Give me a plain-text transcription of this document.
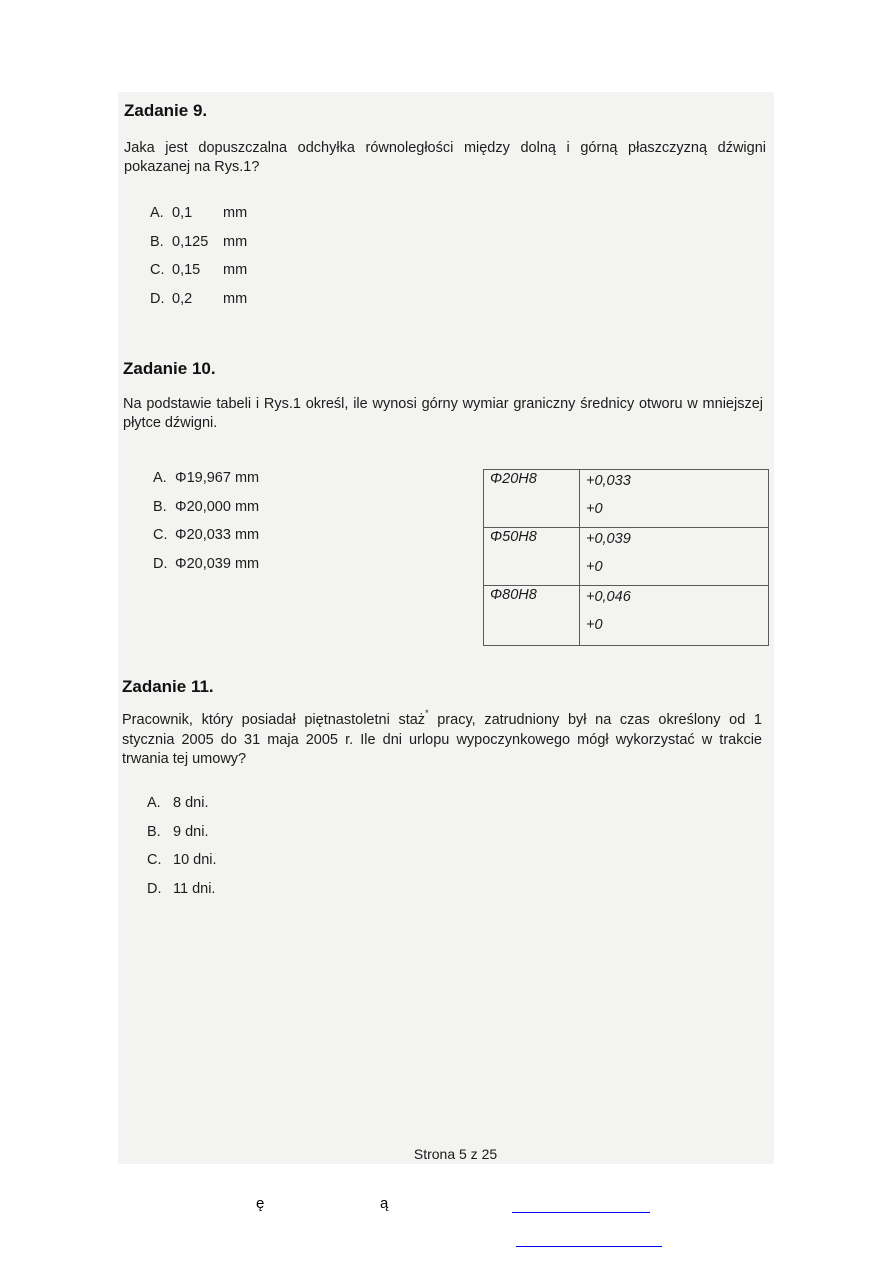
Zadanie 9.

Jaka jest dopuszczalna odchyłka równoległości między dolną i górną płaszczyzną dźwigni pokazanej na Rys.1?

A. 0,1 mm
B. 0,125 mm
C. 0,15 mm
D. 0,2 mm
Zadanie 10.

Na podstawie tabeli i Rys.1 określ, ile wynosi górny wymiar graniczny średnicy otworu w mniejszej płytce dźwigni.

A. Φ19,967 mm
B. Φ20,000 mm
C. Φ20,033 mm
D. Φ20,039 mm
Φ20H8	+0,033
+0

Φ50H8	+0,039
+0

Φ80H8	+0,046
+0
Zadanie 11.

Pracownik, który posiadał piętnastoletni staż* pracy, zatrudniony był na czas określony od 1 stycznia 2005 do 31 maja 2005 r. Ile dni urlopu wypoczynkowego mógł wykorzystać w trakcie trwania tej umowy?

A. 8 dni.
B. 9 dni.
C. 10 dni.
D. 11 dni.
Strona 5 z 25
ę	ą
